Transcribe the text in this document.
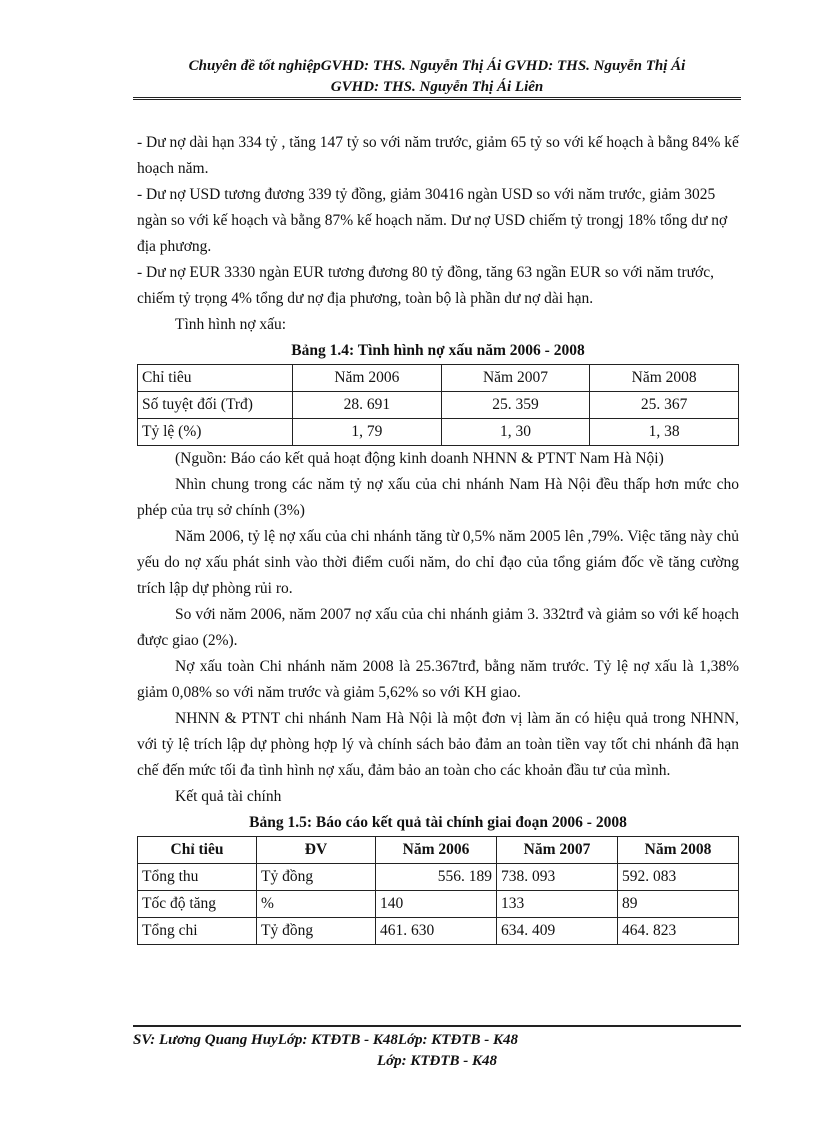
Chuyên đề tốt nghiệpGVHD: THS. Nguyễn Thị Ái GVHD: THS. Nguyễn Thị Ái
GVHD: THS. Nguyễn Thị Ái Liên

- Dư nợ dài hạn 334 tỷ , tăng 147 tỷ so với năm trước, giảm 65 tỷ so với kế hoạch à bằng 84% kế hoạch năm.

- Dư nợ USD tương đương 339 tỷ đồng, giảm 30416 ngàn USD so với năm trước, giảm 3025 ngàn so với kế hoạch và bằng 87% kế hoạch năm. Dư nợ USD chiếm tỷ trongj 18% tổng dư nợ địa phương.

- Dư nợ EUR 3330 ngàn EUR tương đương 80 tỷ đồng, tăng 63 ngần EUR so với năm trước, chiếm tỷ trọng 4% tổng dư nợ địa phương, toàn bộ là phần dư nợ dài hạn.

Tình hình nợ xấu:

Bảng 1.4: Tình hình nợ xấu năm 2006 - 2008

Chỉ tiêu	Năm 2006	Năm 2007	Năm 2008
Số tuyệt đối (Trđ)	28. 691	25. 359	25. 367
Tỷ lệ (%)	1, 79	1, 30	1, 38

(Nguồn: Báo cáo kết quả hoạt động kinh doanh NHNN & PTNT Nam Hà Nội)

Nhìn chung trong các năm tỷ nợ xấu của chi nhánh Nam Hà Nội đều thấp hơn mức cho phép của trụ sở chính (3%)

Năm 2006, tỷ lệ nợ xấu của chi nhánh tăng từ 0,5% năm 2005 lên ,79%. Việc tăng này chủ yếu do nợ xấu phát sinh vào thời điểm cuối năm, do chỉ đạo của tổng giám đốc về tăng cường trích lập dự phòng rủi ro.

So với năm 2006, năm 2007 nợ xấu của chi nhánh giảm 3. 332trđ và giảm so với kế hoạch được giao (2%).

Nợ xấu toàn Chi nhánh năm 2008 là 25.367trđ, bằng năm trước. Tỷ lệ nợ xấu là 1,38% giảm 0,08% so với năm trước và giảm 5,62% so với KH giao.

NHNN & PTNT chi nhánh Nam Hà Nội là một đơn vị làm ăn có hiệu quả trong NHNN, với tỷ lệ trích lập dự phòng hợp lý và chính sách bảo đảm an toàn tiền vay tốt chi nhánh đã hạn chế đến mức tối đa tình hình nợ xấu, đảm bảo an toàn cho các khoản đầu tư của mình.

Kết quả tài chính

Bảng 1.5: Báo cáo kết quả tài chính giai đoạn 2006 - 2008

Chỉ tiêu	ĐV	Năm 2006	Năm 2007	Năm 2008
Tổng thu	Tỷ đồng	556. 189	738. 093	592. 083
Tốc độ tăng	%	140	133	89
Tổng chi	Tỷ đồng	461. 630	634. 409	464. 823
SV: Lương Quang HuyLớp: KTĐTB - K48Lớp: KTĐTB - K48
Lớp: KTĐTB - K48
